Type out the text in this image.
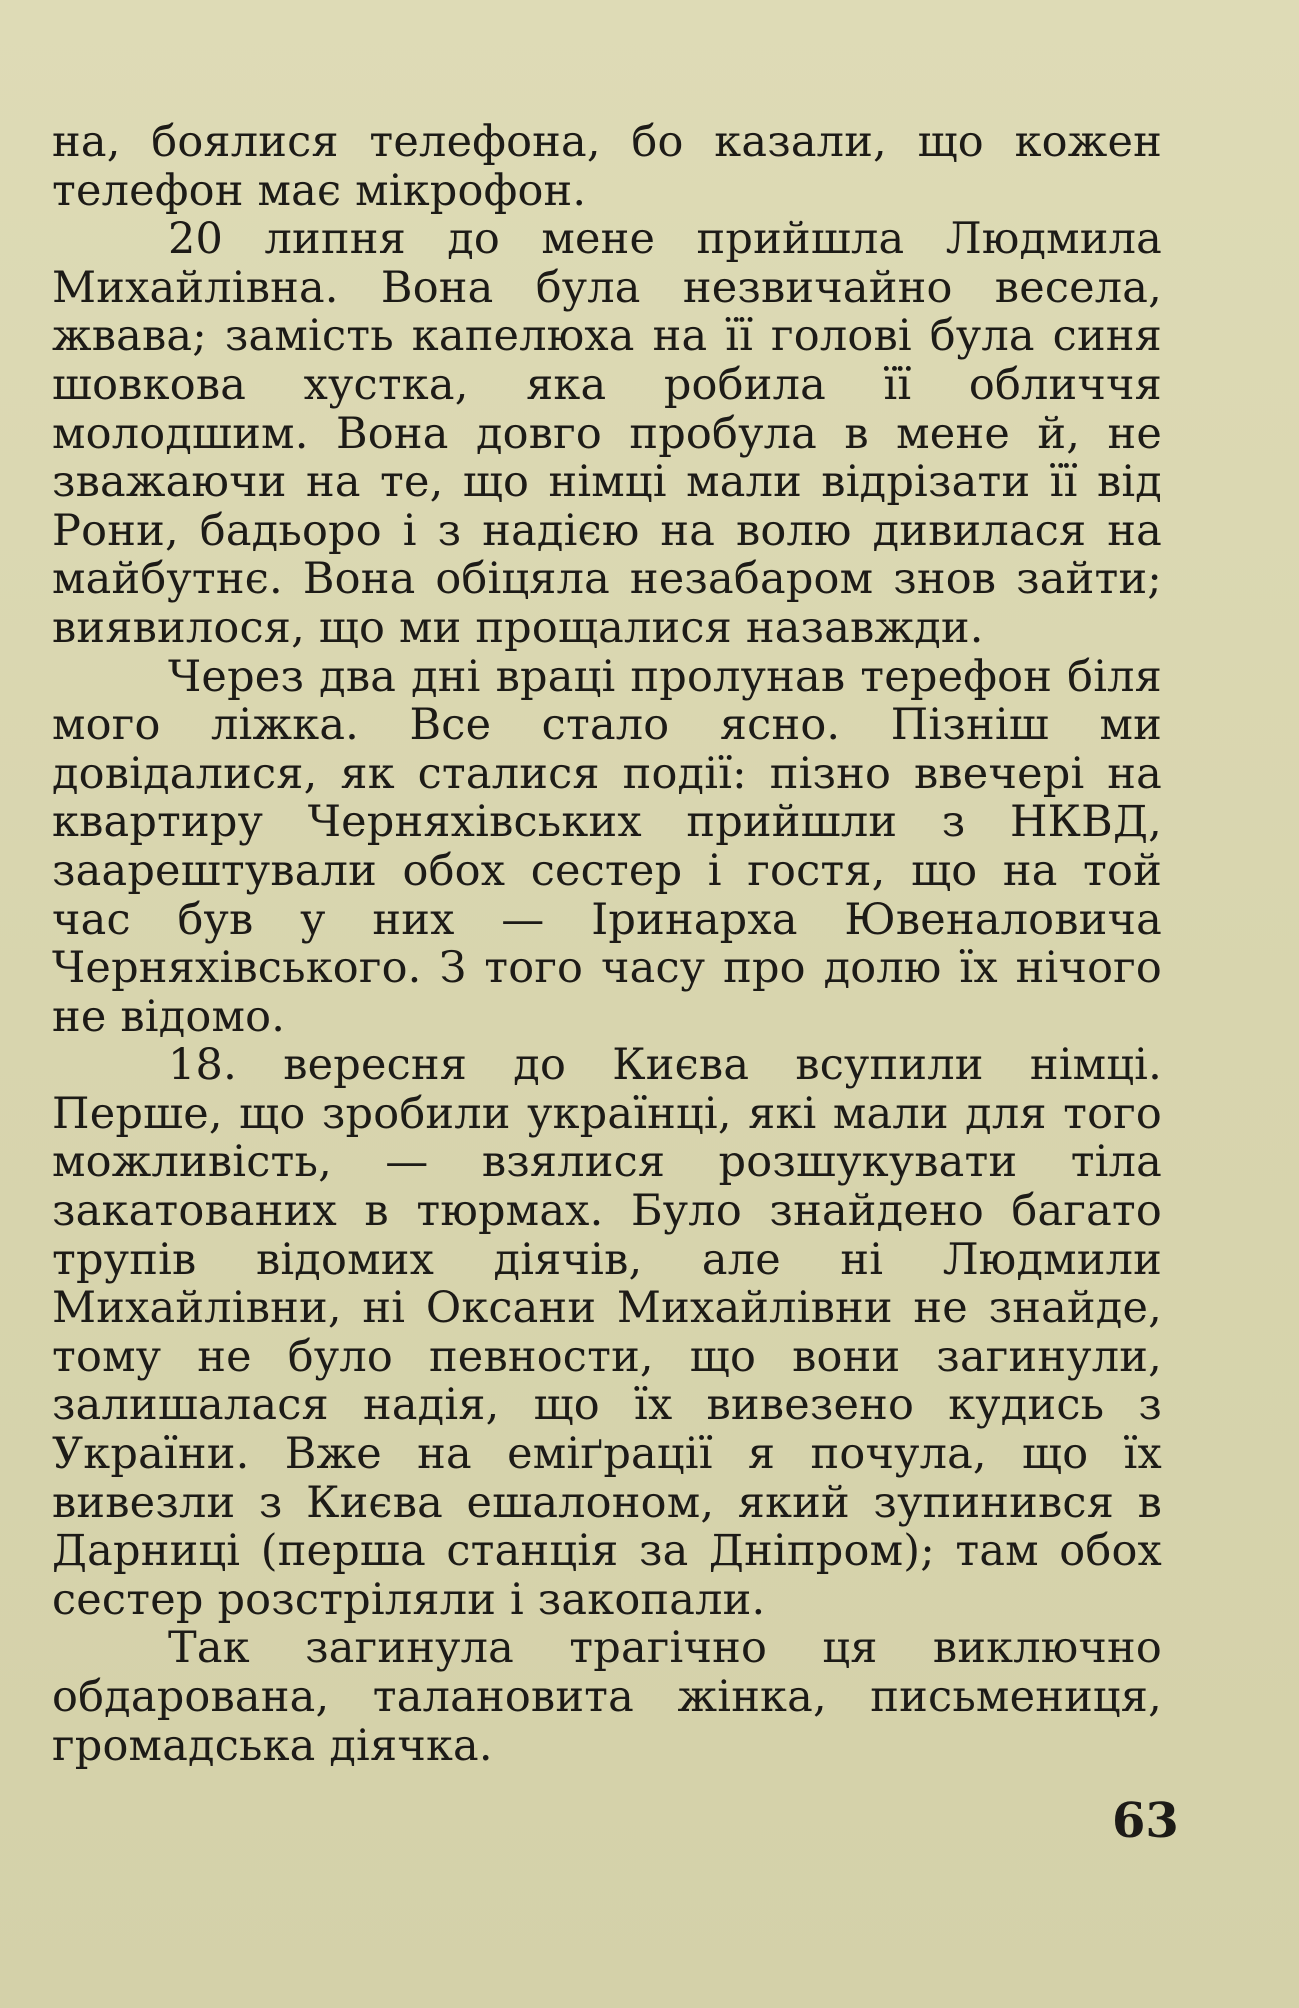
на, боялися телефона, бо казали, що кожен телефон має мікрофон.

20 липня до мене прийшла Людмила Михайлівна. Вона була незвичайно весела, жвава; замість капелюха на її голові була синя шовкова хустка, яка робила її обличчя молодшим. Вона довго пробула в мене й, не зважаючи на те, що німці мали відрізати її від Рони, бадьоро і з надією на волю дивилася на майбутнє. Вона обіцяла незабаром знов зайти; виявилося, що ми прощалися назавжди.

Через два дні враці пролунав терефон біля мого ліжка. Все стало ясно. Пізніш ми довідалися, як сталися події: пізно ввечері на квартиру Черняхівських прийшли з НКВД, заарештували обох сестер і гостя, що на той час був у них — Іринарха Ювеналовича Черняхівського. З того часу про долю їх нічого не відомо.

18. вересня до Києва всупили німці. Перше, що зробили українці, які мали для того можливість, — взялися розшукувати тіла закатованих в тюрмах. Було знайдено багато трупів відомих діячів, але ні Людмили Михайлівни, ні Оксани Михайлівни не знайде, тому не було певности, що вони загинули, залишалася надія, що їх вивезено кудись з України. Вже на еміґрації я почула, що їх вивезли з Києва ешалоном, який зупинився в Дарниці (перша станція за Дніпром); там обох сестер розстріляли і закопали.

Так загинула трагічно ця виключно обдарована, талановита жінка, письмениця, громадська діячка.

63
